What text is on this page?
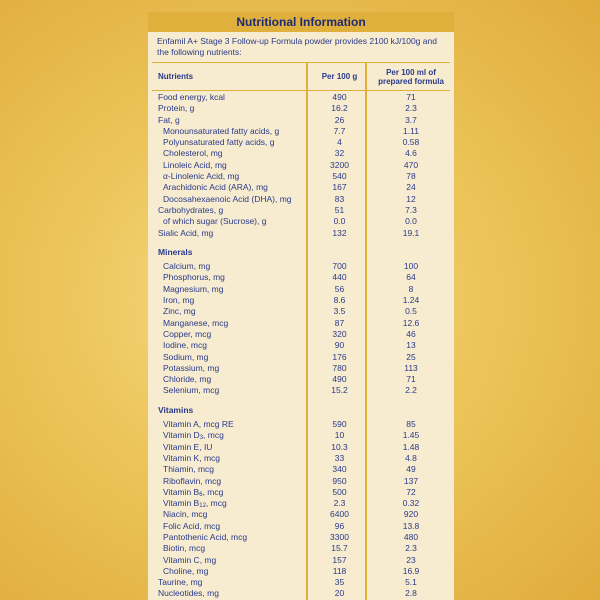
Nutritional Information
Enfamil A+ Stage 3 Follow-up Formula powder provides 2100 kJ/100g and the following nutrients:
Nutrients	Per 100 g	Per 100 ml of prepared formula
Food energy, kcal	490	71
Protein, g	16.2	2.3
Fat, g	26	3.7
Monounsaturated fatty acids, g	7.7	1.11
Polyunsaturated fatty acids, g	4	0.58
Cholesterol, mg	32	4.6
Linoleic Acid, mg	3200	470
α-Linolenic Acid, mg	540	78
Arachidonic Acid (ARA), mg	167	24
Docosahexaenoic Acid (DHA), mg	83	12
Carbohydrates, g	51	7.3
of which sugar (Sucrose), g	0.0	0.0
Sialic Acid, mg	132	19.1
Minerals
Calcium, mg	700	100
Phosphorus, mg	440	64
Magnesium, mg	56	8
Iron, mg	8.6	1.24
Zinc, mg	3.5	0.5
Manganese, mcg	87	12.6
Copper, mcg	320	46
Iodine, mcg	90	13
Sodium, mg	176	25
Potassium, mg	780	113
Chloride, mg	490	71
Selenium, mcg	15.2	2.2
Vitamins
Vitamin A, mcg RE	590	85
Vitamin $D_3$, mcg	10	1.45
Vitamin E, IU	10.3	1.48
Vitamin K, mcg	33	4.8
Thiamin, mcg	340	49
Riboflavin, mcg	950	137
Vitamin $B_6$, mcg	500	72
Vitamin $B_{12}$, mcg	2.3	0.32
Niacin, mcg	6400	920
Folic Acid, mcg	96	13.8
Pantothenic Acid, mcg	3300	480
Biotin, mcg	15.7	2.3
Vitamin C, mg	157	23
Choline, mg	118	16.9
Taurine, mg	35	5.1
Nucleotides, mg	20	2.8
